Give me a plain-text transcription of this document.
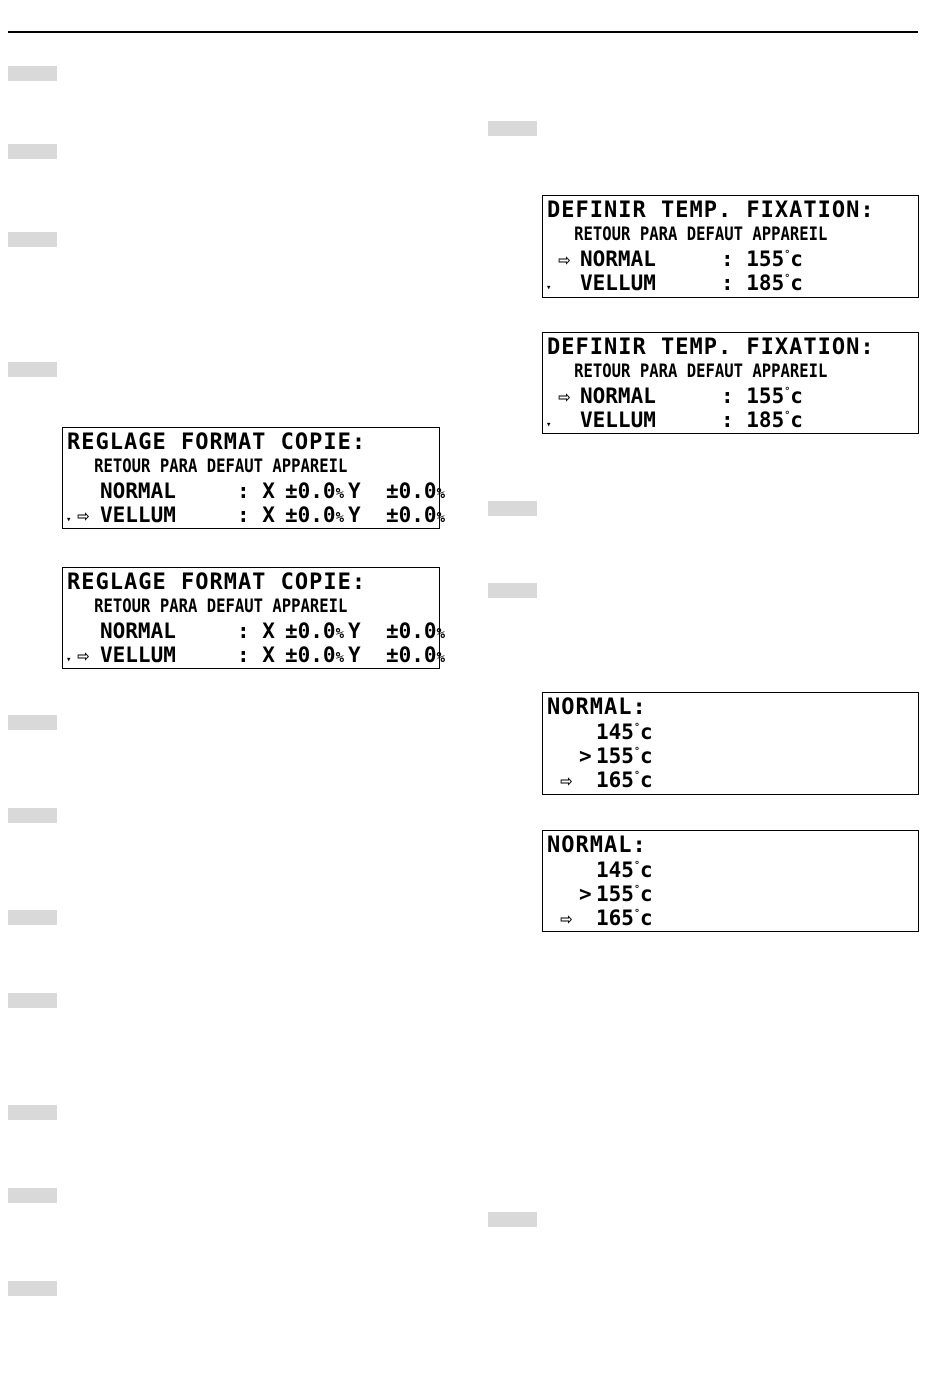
REGLAGE FORMAT COPIE:
RETOUR PARA DEFAUT APPAREIL
NORMAL	: X ±0.0% Y ±0.0%
▾ ⇨ VELLUM	: X ±0.0% Y ±0.0%
REGLAGE FORMAT COPIE:
RETOUR PARA DEFAUT APPAREIL
NORMAL	: X ±0.0% Y ±0.0%
▾ ⇨ VELLUM	: X ±0.0% Y ±0.0%
DEFINIR TEMP. FIXATION:
RETOUR PARA DEFAUT APPAREIL
⇨ NORMAL	: 155°c
▾ VELLUM	: 185°c
DEFINIR TEMP. FIXATION:
RETOUR PARA DEFAUT APPAREIL
⇨ NORMAL	: 155°c
▾ VELLUM	: 185°c
NORMAL:
145°c
> 155°c
⇨ 165°c
NORMAL:
145°c
> 155°c
⇨ 165°c
